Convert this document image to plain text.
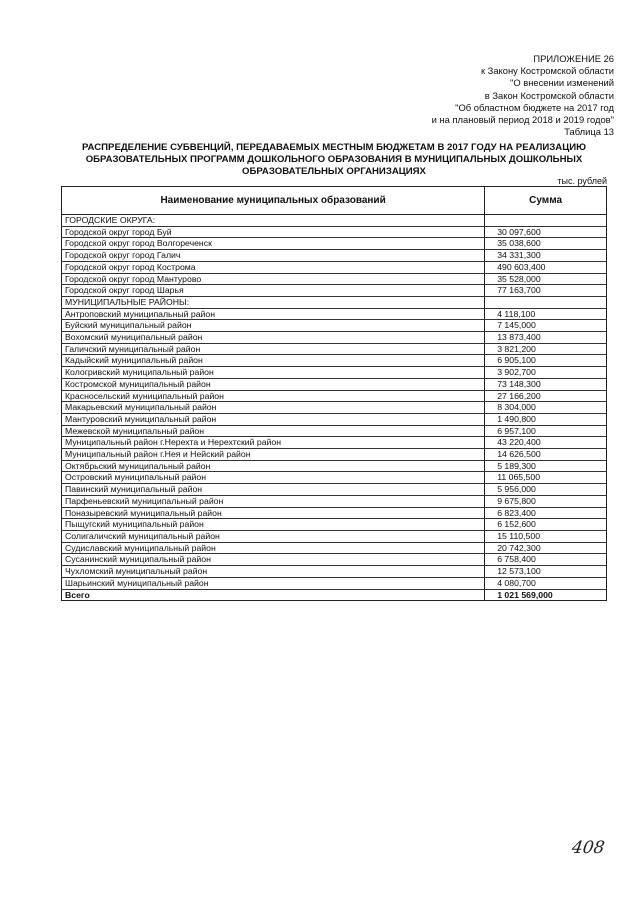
ПРИЛОЖЕНИЕ 26
к Закону Костромской области
"О внесении изменений
в Закон Костромской области
"Об областном бюджете на 2017 год
и на плановый период 2018 и 2019 годов"
Таблица 13
РАСПРЕДЕЛЕНИЕ СУБВЕНЦИЙ, ПЕРЕДАВАЕМЫХ МЕСТНЫМ БЮДЖЕТАМ В 2017 ГОДУ НА РЕАЛИЗАЦИЮ
ОБРАЗОВАТЕЛЬНЫХ ПРОГРАММ ДОШКОЛЬНОГО ОБРАЗОВАНИЯ В МУНИЦИПАЛЬНЫХ ДОШКОЛЬНЫХ
ОБРАЗОВАТЕЛЬНЫХ ОРГАНИЗАЦИЯХ
тыс. рублей
Наименование муниципальных образований	Сумма
ГОРОДСКИЕ ОКРУГА:	
Городской округ город Буй	30 097,600
Городской округ город Волгореченск	35 038,600
Городской округ город Галич	34 331,300
Городской округ город Кострома	490 603,400
Городской округ город Мантурово	35 528,000
Городской округ город Шарья	77 163,700
МУНИЦИПАЛЬНЫЕ РАЙОНЫ:	
Антроповский муниципальный район	4 118,100
Буйский муниципальный район	7 145,000
Вохомский муниципальный район	13 873,400
Галичский муниципальный район	3 821,200
Кадыйский муниципальный район	6 905,100
Кологривский муниципальный район	3 902,700
Костромской муниципальный район	73 148,300
Красносельский муниципальный район	27 166,200
Макарьевский муниципальный район	8 304,000
Мантуровский муниципальный район	1 490,800
Межевской муниципальный район	6 957,100
Муниципальный район г.Нерехта и Нерехтский район	43 220,400
Муниципальный район г.Нея и Нейский район	14 626,500
Октябрьский муниципальный район	5 189,300
Островский муниципальный район	11 065,500
Павинский муниципальный район	5 956,000
Парфеньевский муниципальный район	9 675,800
Поназыревский муниципальный район	6 823,400
Пыщугский муниципальный район	6 152,600
Солигаличский муниципальный район	15 110,500
Судиславский муниципальный район	20 742,300
Сусанинский муниципальный район	6 758,400
Чухломский муниципальный район	12 573,100
Шарьинский муниципальный район	4 080,700
Всего	1 021 569,000
408
